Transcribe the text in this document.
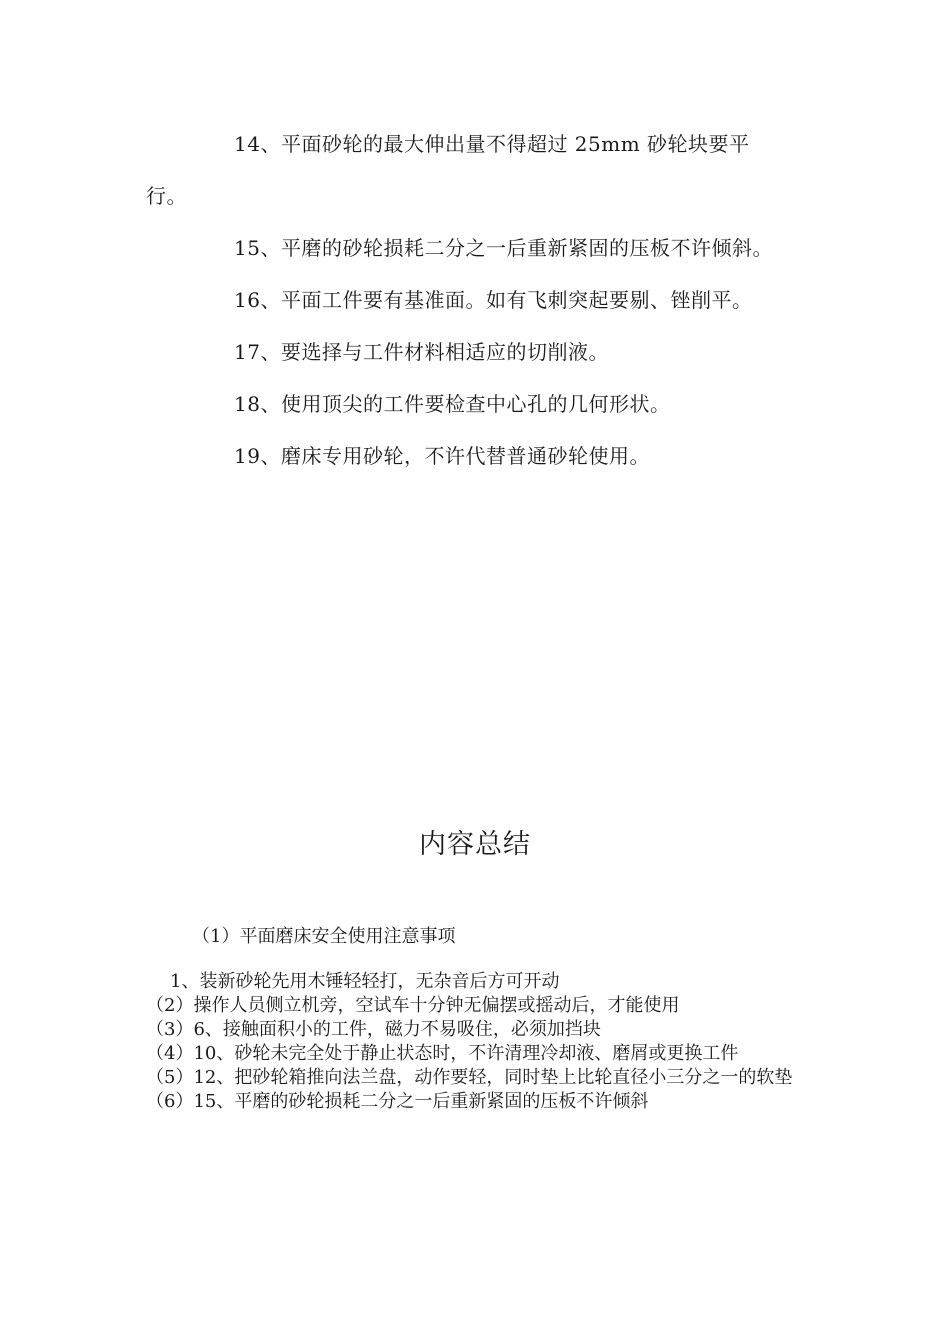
14、平面砂轮的最大伸出量不得超过 25mm 砂轮块要平行。
15、平磨的砂轮损耗二分之一后重新紧固的压板不许倾斜。
16、平面工件要有基准面。如有飞刺突起要剔、锉削平。
17、要选择与工件材料相适应的切削液。
18、使用顶尖的工件要检查中心孔的几何形状。
19、磨床专用砂轮，不许代替普通砂轮使用。
内容总结

（1）平面磨床安全使用注意事项

1、装新砂轮先用木锤轻轻打，无杂音后方可开动
（2）操作人员侧立机旁，空试车十分钟无偏摆或摇动后，才能使用
（3）6、接触面积小的工件，磁力不易吸住，必须加挡块
（4）10、砂轮未完全处于静止状态时，不许清理冷却液、磨屑或更换工件
（5）12、把砂轮箱推向法兰盘，动作要轻，同时垫上比轮直径小三分之一的软垫
（6）15、平磨的砂轮损耗二分之一后重新紧固的压板不许倾斜
